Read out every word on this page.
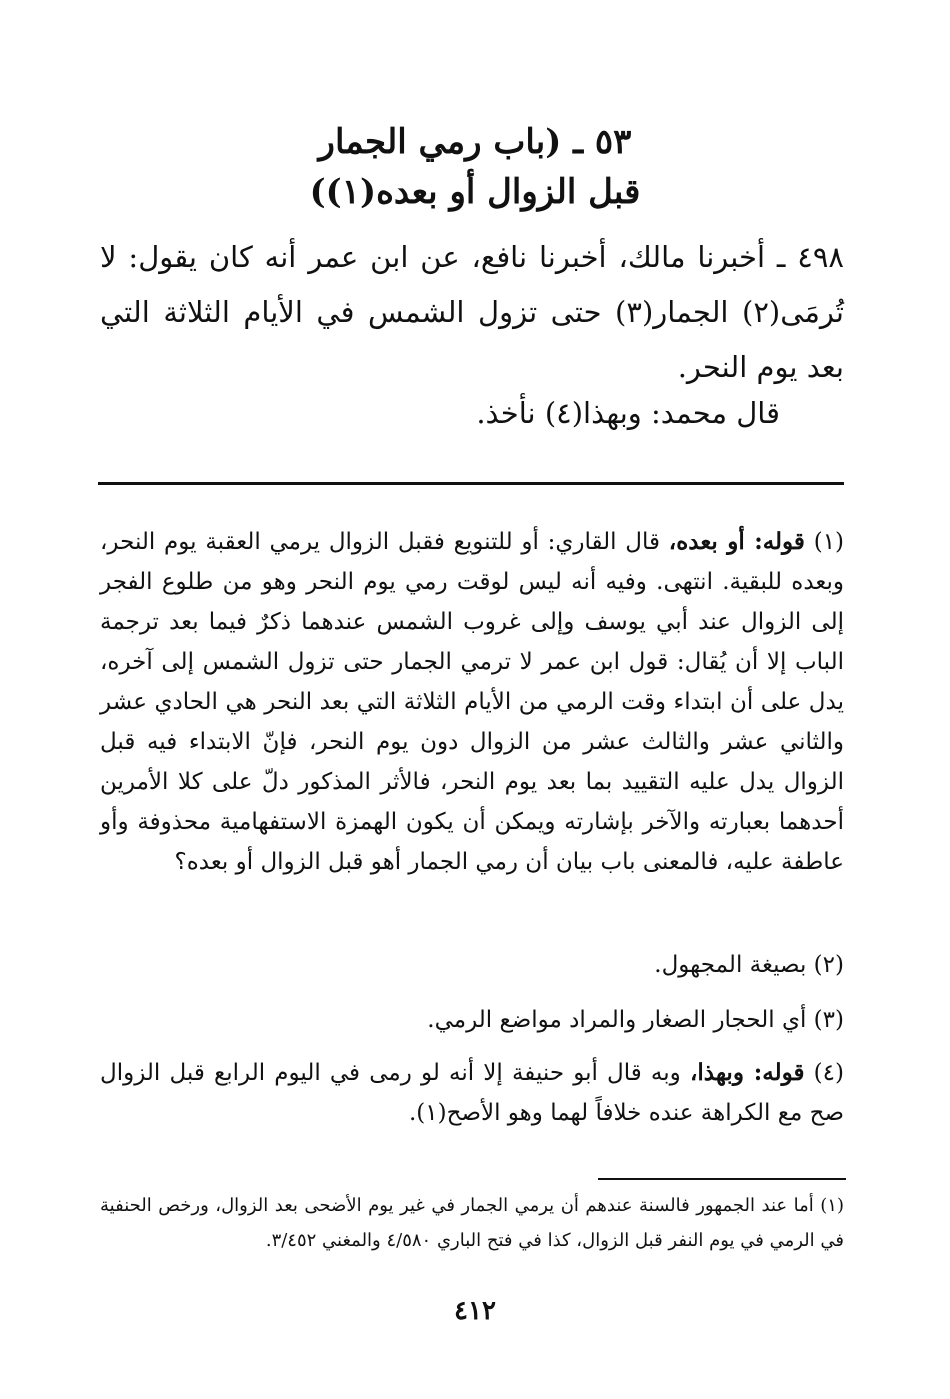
٥٣ ـ (باب رمي الجمار
قبل الزوال أو بعده(١))
٤٩٨ ـ أخبرنا مالك، أخبرنا نافع، عن ابن عمر أنه كان يقول: لا تُرمَى(٢) الجمار(٣) حتى تزول الشمس في الأيام الثلاثة التي بعد يوم النحر.
قال محمد: وبهذا(٤) نأخذ.
(١) قوله: أو بعده، قال القاري: أو للتنويع فقبل الزوال يرمي العقبة يوم النحر، وبعده للبقية. انتهى. وفيه أنه ليس لوقت رمي يوم النحر وهو من طلوع الفجر إلى الزوال عند أبي يوسف وإلى غروب الشمس عندهما ذكرٌ فيما بعد ترجمة الباب إلا أن يُقال: قول ابن عمر لا ترمي الجمار حتى تزول الشمس إلى آخره، يدل على أن ابتداء وقت الرمي من الأيام الثلاثة التي بعد النحر هي الحادي عشر والثاني عشر والثالث عشر من الزوال دون يوم النحر، فإنّ الابتداء فيه قبل الزوال يدل عليه التقييد بما بعد يوم النحر، فالأثر المذكور دلّ على كلا الأمرين أحدهما بعبارته والآخر بإشارته ويمكن أن يكون الهمزة الاستفهامية محذوفة وأو عاطفة عليه، فالمعنى باب بيان أن رمي الجمار أهو قبل الزوال أو بعده؟
(٢) بصيغة المجهول.
(٣) أي الحجار الصغار والمراد مواضع الرمي.
(٤) قوله: وبهذا، وبه قال أبو حنيفة إلا أنه لو رمى في اليوم الرابع قبل الزوال صح مع الكراهة عنده خلافاً لهما وهو الأصح(١).
(١) أما عند الجمهور فالسنة عندهم أن يرمي الجمار في غير يوم الأضحى بعد الزوال، ورخص الحنفية في الرمي في يوم النفر قبل الزوال، كذا في فتح الباري ٤/٥٨٠ والمغني ٣/٤٥٢.
٤١٢
